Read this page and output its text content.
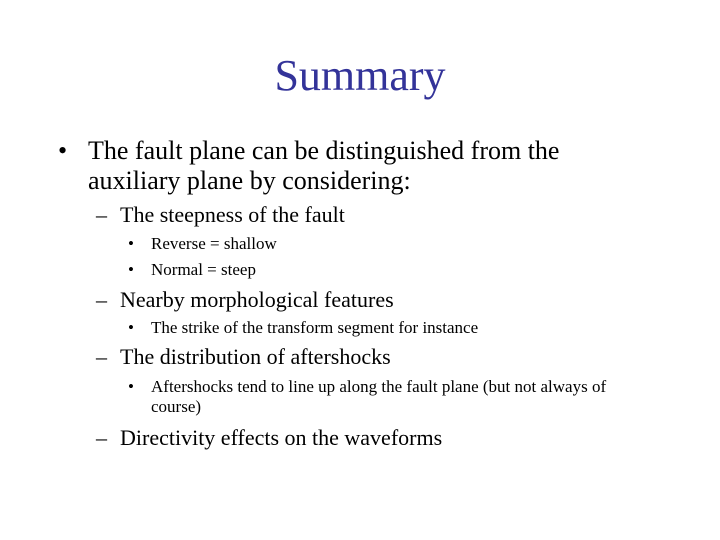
Summary
• The fault plane can be distinguished from the auxiliary plane by considering:
– The steepness of the fault
• Reverse = shallow
• Normal = steep
– Nearby morphological features
• The strike of the transform segment for instance
– The distribution of aftershocks
• Aftershocks tend to line up along the fault plane (but not always of course)
– Directivity effects on the waveforms
